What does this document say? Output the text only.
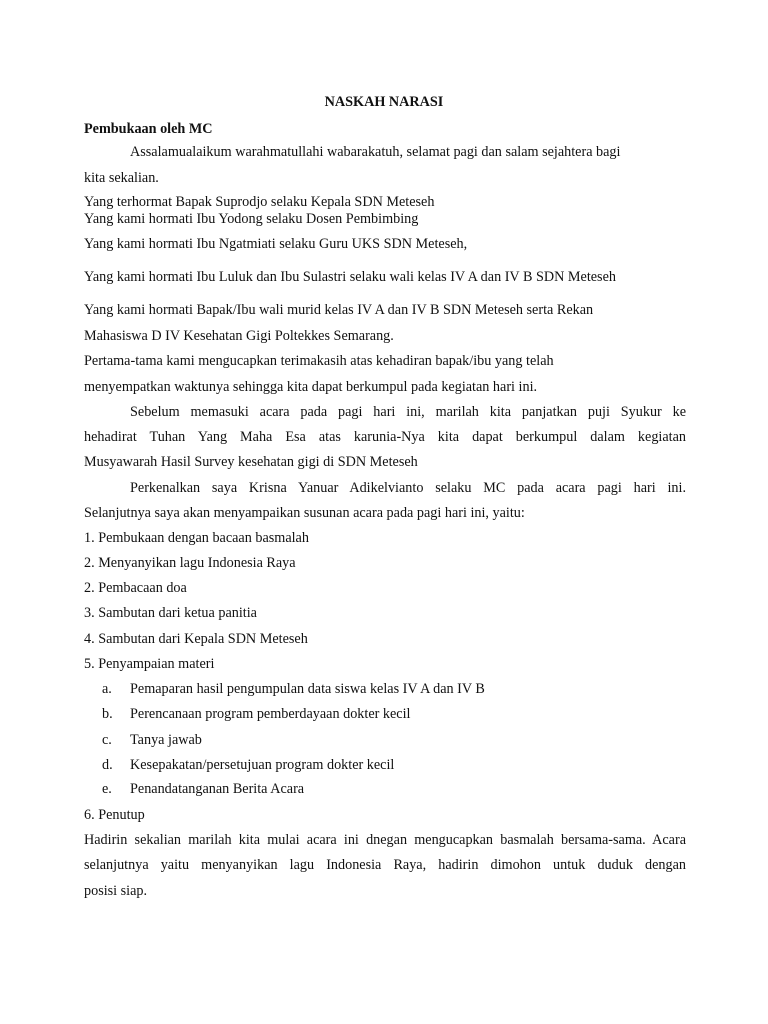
NASKAH NARASI
Pembukaan oleh MC
Assalamualaikum warahmatullahi wabarakatuh, selamat pagi dan salam sejahtera bagi
kita sekalian.
Yang terhormat Bapak Suprodjo selaku Kepala SDN Meteseh
Yang kami hormati Ibu Yodong selaku Dosen Pembimbing
Yang kami hormati Ibu Ngatmiati selaku Guru UKS SDN Meteseh,
Yang kami hormati Ibu Luluk dan Ibu Sulastri selaku wali kelas IV A dan IV B SDN Meteseh
Yang kami hormati Bapak/Ibu wali murid kelas IV A dan IV B SDN Meteseh serta Rekan
Mahasiswa D IV Kesehatan Gigi Poltekkes Semarang.
Pertama-tama kami mengucapkan terimakasih atas kehadiran bapak/ibu yang telah
menyempatkan waktunya sehingga kita dapat berkumpul pada kegiatan hari ini.
Sebelum memasuki acara pada pagi hari ini, marilah kita panjatkan puji Syukur ke
hehadirat Tuhan Yang Maha Esa atas karunia-Nya kita dapat berkumpul dalam kegiatan
Musyawarah Hasil Survey kesehatan gigi di SDN Meteseh
Perkenalkan saya Krisna Yanuar Adikelvianto selaku MC pada acara pagi hari ini.
Selanjutnya saya akan menyampaikan susunan acara pada pagi hari ini, yaitu:
1. Pembukaan dengan bacaan basmalah
2. Menyanyikan lagu Indonesia Raya
2. Pembacaan doa
3. Sambutan dari ketua panitia
4. Sambutan dari Kepala SDN Meteseh
5. Penyampaian materi
a. Pemaparan hasil pengumpulan data siswa kelas IV A dan IV B
b. Perencanaan program pemberdayaan dokter kecil
c. Tanya jawab
d. Kesepakatan/persetujuan program dokter kecil
e. Penandatanganan Berita Acara
6. Penutup
Hadirin sekalian marilah kita mulai acara ini dnegan mengucapkan basmalah bersama-sama. Acara
selanjutnya yaitu menyanyikan lagu Indonesia Raya, hadirin dimohon untuk duduk dengan
posisi siap.
